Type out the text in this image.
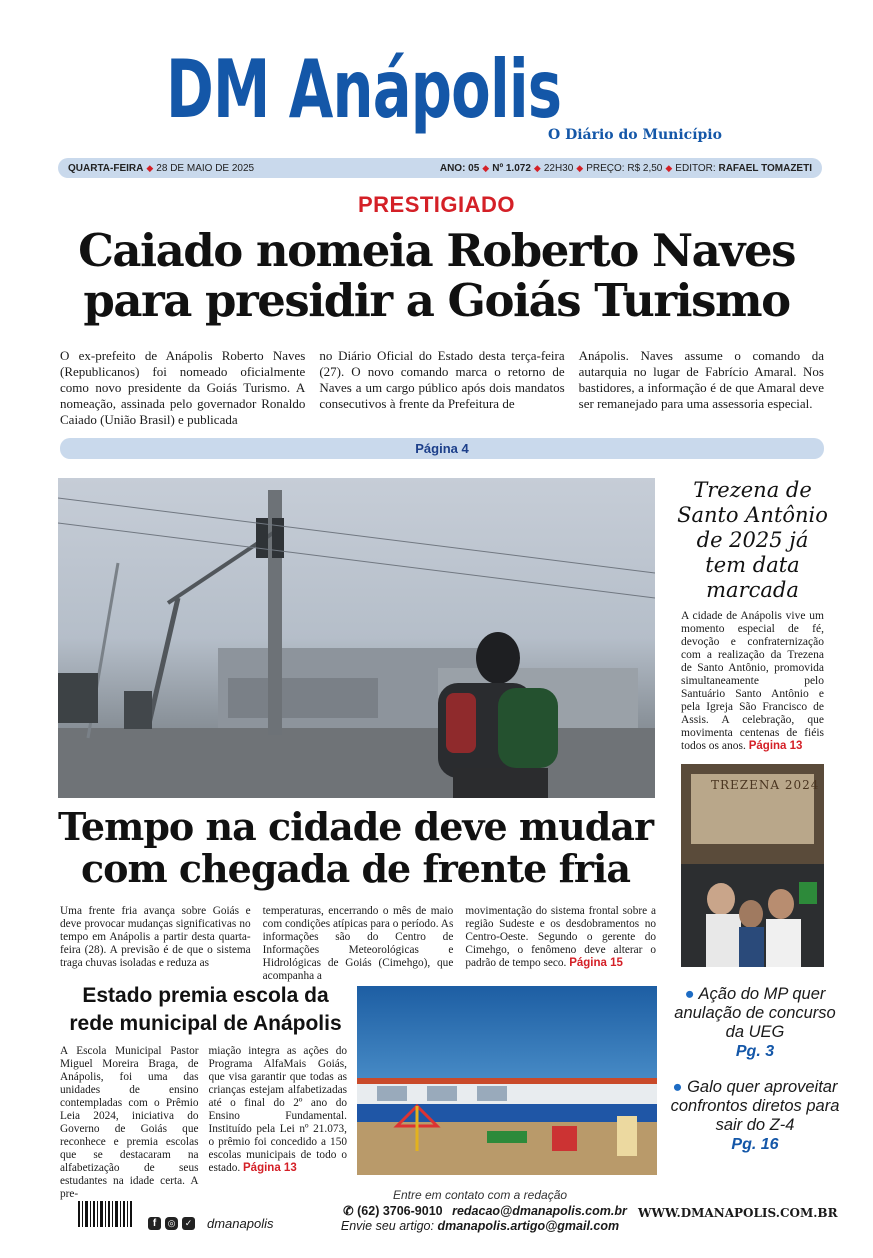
DM Anápolis
O Diário do Município
QUARTA-FEIRA ◆ 28 DE MAIO DE 2025	ANO: 05 ◆ Nº 1.072 ◆ 22H30 ◆ PREÇO: R$ 2,50 ◆ EDITOR: RAFAEL TOMAZETI
PRESTIGIADO
Caiado nomeia Roberto Naves
para presidir a Goiás Turismo

O ex-prefeito de Anápolis Roberto Naves (Republicanos) foi nomeado oficialmente como novo presidente da Goiás Turismo. A nomeação, assinada pelo governador Ronaldo Caiado (União Brasil) e publicada

no Diário Oficial do Estado desta terça-feira (27). O novo comando marca o retorno de Naves a um cargo público após dois mandatos consecutivos à frente da Prefeitura de

Anápolis. Naves assume o comando da autarquia no lugar de Fabrício Amaral. Nos bastidores, a informação é de que Amaral deve ser remanejado para uma assessoria especial.

Página 4
Trezena de Santo Antônio de 2025 já tem data marcada
A cidade de Anápolis vive um momento especial de fé, devoção e confraternização com a realização da Trezena de Santo Antônio, promovida simultaneamente pelo Santuário Santo Antônio e pela Igreja São Francisco de Assis. A celebração, que movimenta centenas de fiéis todos os anos. Página 13
TREZENA 2024
Tempo na cidade deve mudar
com chegada de frente fria

Uma frente fria avança sobre Goiás e deve provocar mudanças significativas no tempo em Anápolis a partir desta quarta-feira (28). A previsão é de que o sistema traga chuvas isoladas e reduza as

temperaturas, encerrando o mês de maio com condições atípicas para o período. As informações são do Centro de Informações Meteorológicas e Hidrológicas de Goiás (Cimehgo), que acompanha a

movimentação do sistema frontal sobre a região Sudeste e os desdobramentos no Centro-Oeste. Segundo o gerente do Cimehgo, o fenômeno deve alterar o padrão de tempo seco. Página 15

Estado premia escola da rede municipal de Anápolis

A Escola Municipal Pastor Miguel Moreira Braga, de Anápolis, foi uma das unidades de ensino contempladas com o Prêmio Leia 2024, iniciativa do Governo de Goiás que reconhece e premia escolas que se destacaram na alfabetização de seus estudantes na idade certa. A pre-

miação integra as ações do Programa AlfaMais Goiás, que visa garantir que todas as crianças estejam alfabetizadas até o final do 2º ano do Ensino Fundamental. Instituído pela Lei nº 21.073, o prêmio foi concedido a 150 escolas municipais de todo o estado. Página 13

● Ação do MP quer anulação de concurso da UEG
Pg. 3
● Galo quer aproveitar confrontos diretos para sair do Z-4
Pg. 16
f	◎	✓ dmanapolis
Entre em contato com a redação
✆ (62) 3706-9010 redacao@dmanapolis.com.br
Envie seu artigo: dmanapolis.artigo@gmail.com
WWW.DMANAPOLIS.COM.BR
